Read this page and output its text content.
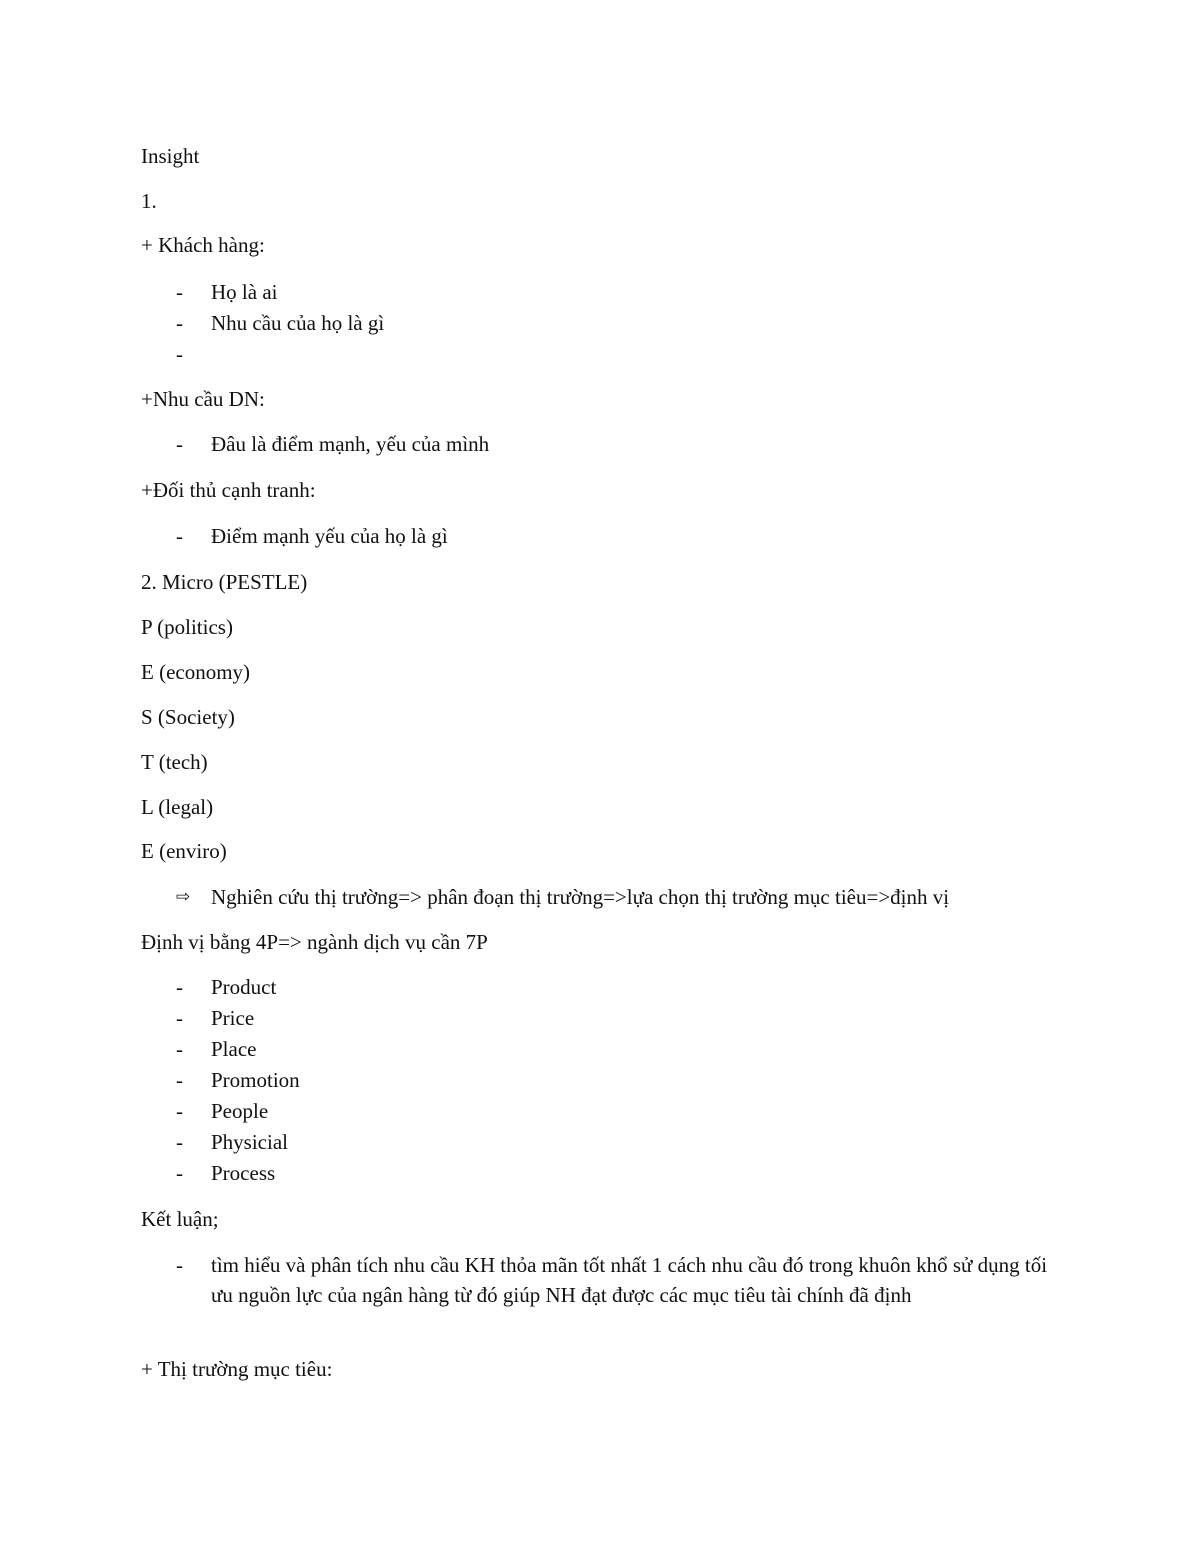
Insight
1.
+ Khách hàng:
-	Họ là ai
-	Nhu cầu của họ là gì
-
+Nhu cầu DN:
-	Đâu là điểm mạnh, yếu của mình
+Đối thủ cạnh tranh:
-	Điểm mạnh yếu của họ là gì
2. Micro (PESTLE)
P (politics)
E (economy)
S (Society)
T (tech)
L (legal)
E (enviro)
⇨ Nghiên cứu thị trường=> phân đoạn thị trường=>lựa chọn thị trường mục tiêu=>định vị
Định vị bằng 4P=> ngành dịch vụ cần 7P
-	Product
-	Price
-	Place
-	Promotion
-	People
-	Physicial
-	Process
Kết luận;
-	tìm hiểu và phân tích nhu cầu KH thỏa mãn tốt nhất 1 cách nhu cầu đó trong khuôn khổ sử dụng tối ưu nguồn lực của ngân hàng từ đó giúp NH đạt được các mục tiêu tài chính đã định
+ Thị trường mục tiêu:
